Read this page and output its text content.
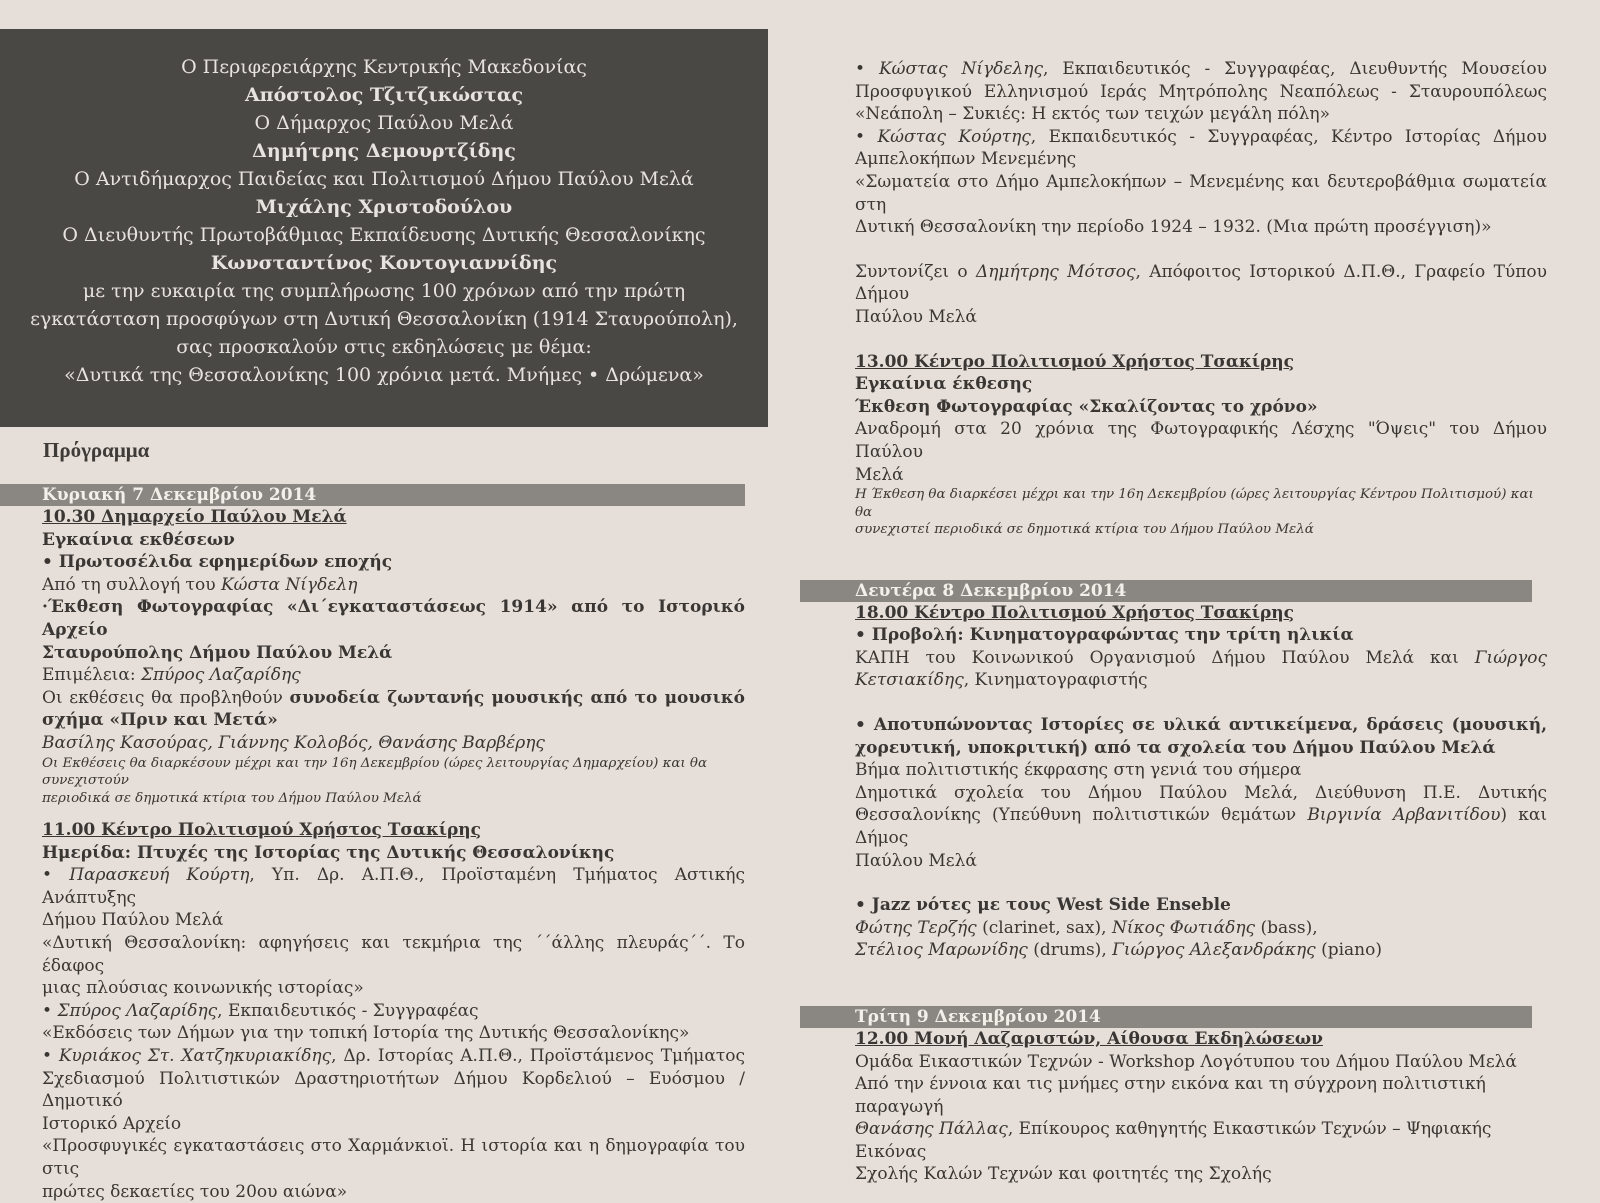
Ο Περιφερειάρχης Κεντρικής Μακεδονίας
Απόστολος Τζιτζικώστας
Ο Δήμαρχος Παύλου Μελά
Δημήτρης Δεμουρτζίδης
Ο Αντιδήμαρχος Παιδείας και Πολιτισμού Δήμου Παύλου Μελά
Μιχάλης Χριστοδούλου
Ο Διευθυντής Πρωτοβάθμιας Εκπαίδευσης Δυτικής Θεσσαλονίκης
Κωνσταντίνος Κοντογιαννίδης
με την ευκαιρία της συμπλήρωσης 100 χρόνων από την πρώτη
εγκατάσταση προσφύγων στη Δυτική Θεσσαλονίκη (1914 Σταυρούπολη),
σας προσκαλούν στις εκδηλώσεις με θέμα:
«Δυτικά της Θεσσαλονίκης 100 χρόνια μετά. Μνήμες • Δρώμενα»
Πρόγραμμα
Κυριακή 7 Δεκεμβρίου 2014

10.30 Δημαρχείο Παύλου Μελά

Εγκαίνια εκθέσεων

• Πρωτοσέλιδα εφημερίδων εποχής

Από τη συλλογή του Κώστα Νίγδελη

·Έκθεση Φωτογραφίας «Δι΄εγκαταστάσεως 1914» από το Ιστορικό Αρχείο

Σταυρούπολης Δήμου Παύλου Μελά

Επιμέλεια: Σπύρος Λαζαρίδης

Οι εκθέσεις θα προβληθούν συνοδεία ζωντανής μουσικής από το μουσικό

σχήμα «Πριν και Μετά»

Βασίλης Κασούρας, Γιάννης Κολοβός, Θανάσης Βαρβέρης

Οι Εκθέσεις θα διαρκέσουν μέχρι και την 16η Δεκεμβρίου (ώρες λειτουργίας Δημαρχείου) και θα συνεχιστούν

περιοδικά σε δημοτικά κτίρια του Δήμου Παύλου Μελά

11.00 Κέντρο Πολιτισμού Χρήστος Τσακίρης

Ημερίδα: Πτυχές της Ιστορίας της Δυτικής Θεσσαλονίκης

• Παρασκευή Κούρτη, Υπ. Δρ. Α.Π.Θ., Προϊσταμένη Τμήματος Αστικής Ανάπτυξης

Δήμου Παύλου Μελά

«Δυτική Θεσσαλονίκη: αφηγήσεις και τεκμήρια της ΄΄άλλης πλευράς΄΄. Το έδαφος

μιας πλούσιας κοινωνικής ιστορίας»

• Σπύρος Λαζαρίδης, Εκπαιδευτικός - Συγγραφέας

«Εκδόσεις των Δήμων για την τοπική Ιστορία της Δυτικής Θεσσαλονίκης»

• Κυριάκος Στ. Χατζηκυριακίδης, Δρ. Ιστορίας Α.Π.Θ., Προϊστάμενος Τμήματος

Σχεδιασμού Πολιτιστικών Δραστηριοτήτων Δήμου Κορδελιού – Ευόσμου /Δημοτικό

Ιστορικό Αρχείο

«Προσφυγικές εγκαταστάσεις στο Χαρμάνκιοϊ. Η ιστορία και η δημογραφία του στις

πρώτες δεκαετίες του 20ου αιώνα»

• Κώστας Νίγδελης, Εκπαιδευτικός - Συγγραφέας, Διευθυντής Μουσείου

Προσφυγικού Ελληνισμού Ιεράς Μητρόπολης Νεαπόλεως - Σταυρουπόλεως

«Νεάπολη – Συκιές: Η εκτός των τειχών μεγάλη πόλη»

• Κώστας Κούρτης, Εκπαιδευτικός - Συγγραφέας, Κέντρο Ιστορίας Δήμου

Αμπελοκήπων Μενεμένης

«Σωματεία στο Δήμο Αμπελοκήπων – Μενεμένης και δευτεροβάθμια σωματεία στη

Δυτική Θεσσαλονίκη την περίοδο 1924 – 1932. (Μια πρώτη προσέγγιση)»

Συντονίζει ο Δημήτρης Μότσος, Απόφοιτος Ιστορικού Δ.Π.Θ., Γραφείο Τύπου Δήμου

Παύλου Μελά

13.00 Κέντρο Πολιτισμού Χρήστος Τσακίρης

Εγκαίνια έκθεσης

Έκθεση Φωτογραφίας «Σκαλίζοντας το χρόνο»

Αναδρομή στα 20 χρόνια της Φωτογραφικής Λέσχης "Όψεις" του Δήμου Παύλου

Μελά

Η Έκθεση θα διαρκέσει μέχρι και την 16η Δεκεμβρίου (ώρες λειτουργίας Κέντρου Πολιτισμού) και θα

συνεχιστεί περιοδικά σε δημοτικά κτίρια του Δήμου Παύλου Μελά

Δευτέρα 8 Δεκεμβρίου 2014

18.00 Κέντρο Πολιτισμού Χρήστος Τσακίρης

• Προβολή: Κινηματογραφώντας την τρίτη ηλικία

ΚΑΠΗ του Κοινωνικού Οργανισμού Δήμου Παύλου Μελά και Γιώργος

Κετσιακίδης, Κινηματογραφιστής

• Αποτυπώνοντας Ιστορίες σε υλικά αντικείμενα, δράσεις (μουσική,

χορευτική, υποκριτική) από τα σχολεία του Δήμου Παύλου Μελά

Βήμα πολιτιστικής έκφρασης στη γενιά του σήμερα

Δημοτικά σχολεία του Δήμου Παύλου Μελά, Διεύθυνση Π.Ε. Δυτικής

Θεσσαλονίκης (Υπεύθυνη πολιτιστικών θεμάτων Βιργινία Αρβανιτίδου) και Δήμος

Παύλου Μελά

• Jazz νότες με τους West Side Enseble

Φώτης Τερζής (clarinet, sax), Νίκος Φωτιάδης (bass),

Στέλιος Μαρωνίδης (drums), Γιώργος Αλεξανδράκης (piano)

Τρίτη 9 Δεκεμβρίου 2014

12.00 Μονή Λαζαριστών, Αίθουσα Εκδηλώσεων

Ομάδα Εικαστικών Τεχνών - Workshop Λογότυπου του Δήμου Παύλου Μελά

Από την έννοια και τις μνήμες στην εικόνα και τη σύγχρονη πολιτιστική παραγωγή

Θανάσης Πάλλας, Επίκουρος καθηγητής Εικαστικών Τεχνών – Ψηφιακής Εικόνας

Σχολής Καλών Τεχνών και φοιτητές της Σχολής
